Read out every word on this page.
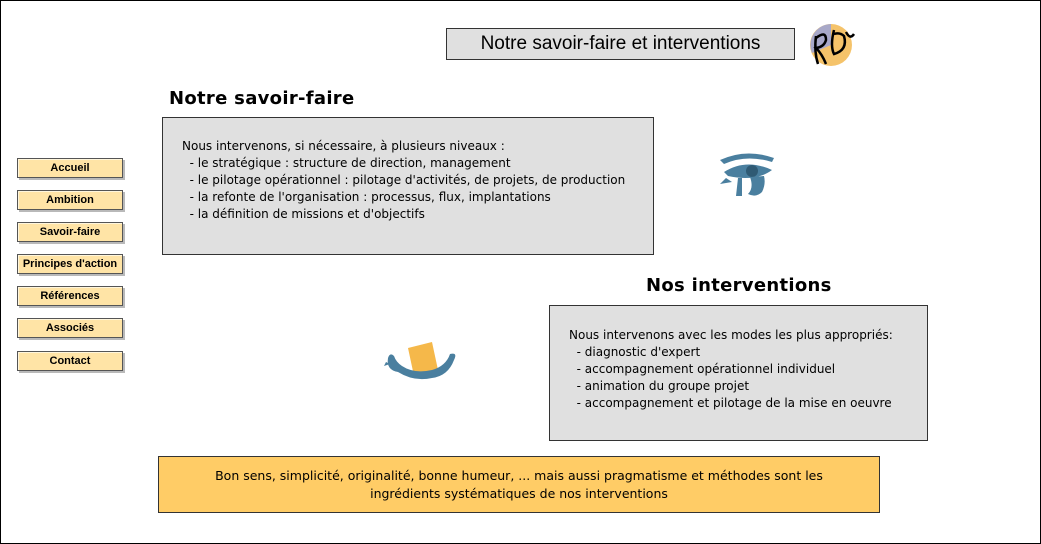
Notre savoir-faire et interventions
Accueil
Ambition
Savoir-faire
Principes d'action
Références
Associés
Contact
Notre savoir-faire
Nous intervenons, si nécessaire, à plusieurs niveaux :
- le stratégique : structure de direction, management
- le pilotage opérationnel : pilotage d'activités, de projets, de production
- la refonte de l'organisation : processus, flux, implantations
- la définition de missions et d'objectifs
Nos interventions
Nous intervenons avec les modes les plus appropriés:
- diagnostic d'expert
- accompagnement opérationnel individuel
- animation du groupe projet
- accompagnement et pilotage de la mise en oeuvre
Bon sens, simplicité, originalité, bonne humeur, ... mais aussi pragmatisme et méthodes sont les
ingrédients systématiques de nos interventions
